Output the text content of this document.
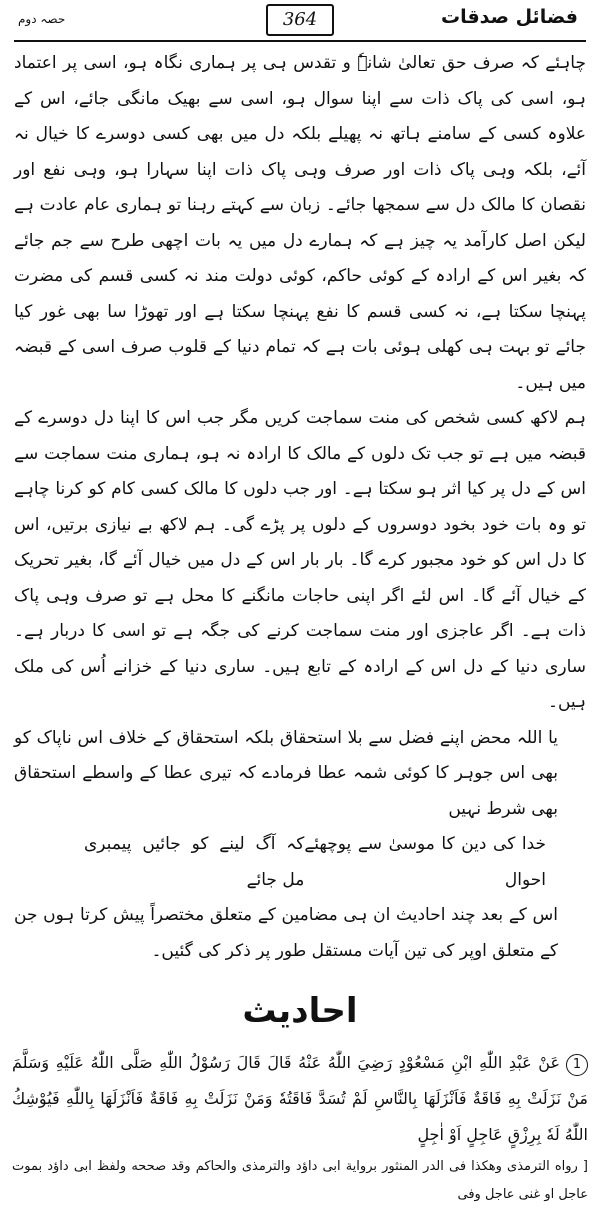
فضائل صدقات
364
حصہ دوم

چاہئے کہ صرف حق تعالیٰ شانہٗ و تقدس ہی پر ہماری نگاہ ہو، اسی پر اعتماد ہو، اسی کی پاک ذات سے اپنا سوال ہو، اسی سے بھیک مانگی جائے، اس کے علاوہ کسی کے سامنے ہاتھ نہ پھیلے بلکہ دل میں بھی کسی دوسرے کا خیال نہ آئے، بلکہ وہی پاک ذات اور صرف وہی پاک ذات اپنا سہارا ہو، وہی نفع اور نقصان کا مالک دل سے سمجھا جائے۔ زبان سے کہتے رہنا تو ہماری عام عادت ہے لیکن اصل کارآمد یہ چیز ہے کہ ہمارے دل میں یہ بات اچھی طرح سے جم جائے کہ بغیر اس کے ارادہ کے کوئی حاکم، کوئی دولت مند نہ کسی قسم کی مضرت پہنچا سکتا ہے، نہ کسی قسم کا نفع پہنچا سکتا ہے اور تھوڑا سا بھی غور کیا جائے تو بہت ہی کھلی ہوئی بات ہے کہ تمام دنیا کے قلوب صرف اسی کے قبضہ میں ہیں۔

ہم لاکھ کسی شخص کی منت سماجت کریں مگر جب اس کا اپنا دل دوسرے کے قبضہ میں ہے تو جب تک دلوں کے مالک کا ارادہ نہ ہو، ہماری منت سماجت سے اس کے دل پر کیا اثر ہو سکتا ہے۔ اور جب دلوں کا مالک کسی کام کو کرنا چاہے تو وہ بات خود بخود دوسروں کے دلوں پر پڑے گی۔ ہم لاکھ بے نیازی برتیں، اس کا دل اس کو خود مجبور کرے گا۔ بار بار اس کے دل میں خیال آئے گا، بغیر تحریک کے خیال آئے گا۔ اس لئے اگر اپنی حاجات مانگنے کا محل ہے تو صرف وہی پاک ذات ہے۔ اگر عاجزی اور منت سماجت کرنے کی جگہ ہے تو اسی کا دربار ہے۔ ساری دنیا کے دل اس کے ارادہ کے تابع ہیں۔ ساری دنیا کے خزانے اُس کی ملک ہیں۔

یا اللہ محض اپنے فضل سے بلا استحقاق بلکہ استحقاق کے خلاف اس ناپاک کو بھی اس جوہر کا کوئی شمہ عطا فرمادے کہ تیری عطا کے واسطے استحقاق بھی شرط نہیں

خدا کی دین کا موسیٰ سے پوچھئے احوال
کہ آگ لینے کو جائیں پیمبری مل جائے

اس کے بعد چند احادیث ان ہی مضامین کے متعلق مختصراً پیش کرتا ہوں جن کے متعلق اوپر کی تین آیات مستقل طور پر ذکر کی گئیں۔

احادیث
1عَنْ عَبْدِ اللّٰهِ ابْنِ مَسْعُوْدٍ رَضِيَ اللّٰهُ عَنْهُ قَالَ قَالَ رَسُوْلُ اللّٰهِ صَلَّى اللّٰهُ عَلَيْهِ وَسَلَّمَ مَنْ نَزَلَتْ بِهِ فَاقَةٌ فَاَنْزَلَهَا بِالنَّاسِ لَمْ تُسَدَّ فَاقَتُهٗ وَمَنْ نَزَلَتْ بِهِ فَاقَةٌ فَاَنْزَلَهَا بِاللّٰهِ فَيُوْشِكُ اللّٰهُ لَهٗ بِرِزْقٍ عَاجِلٍ اَوْ اٰجِلٍ
[ رواه الترمذی وهكذا فی الدر المنثور برواية ابی داؤد والترمذی والحاكم وقد صححه ولفظ ابی داؤد بموت عاجل او غنی عاجل وفی
